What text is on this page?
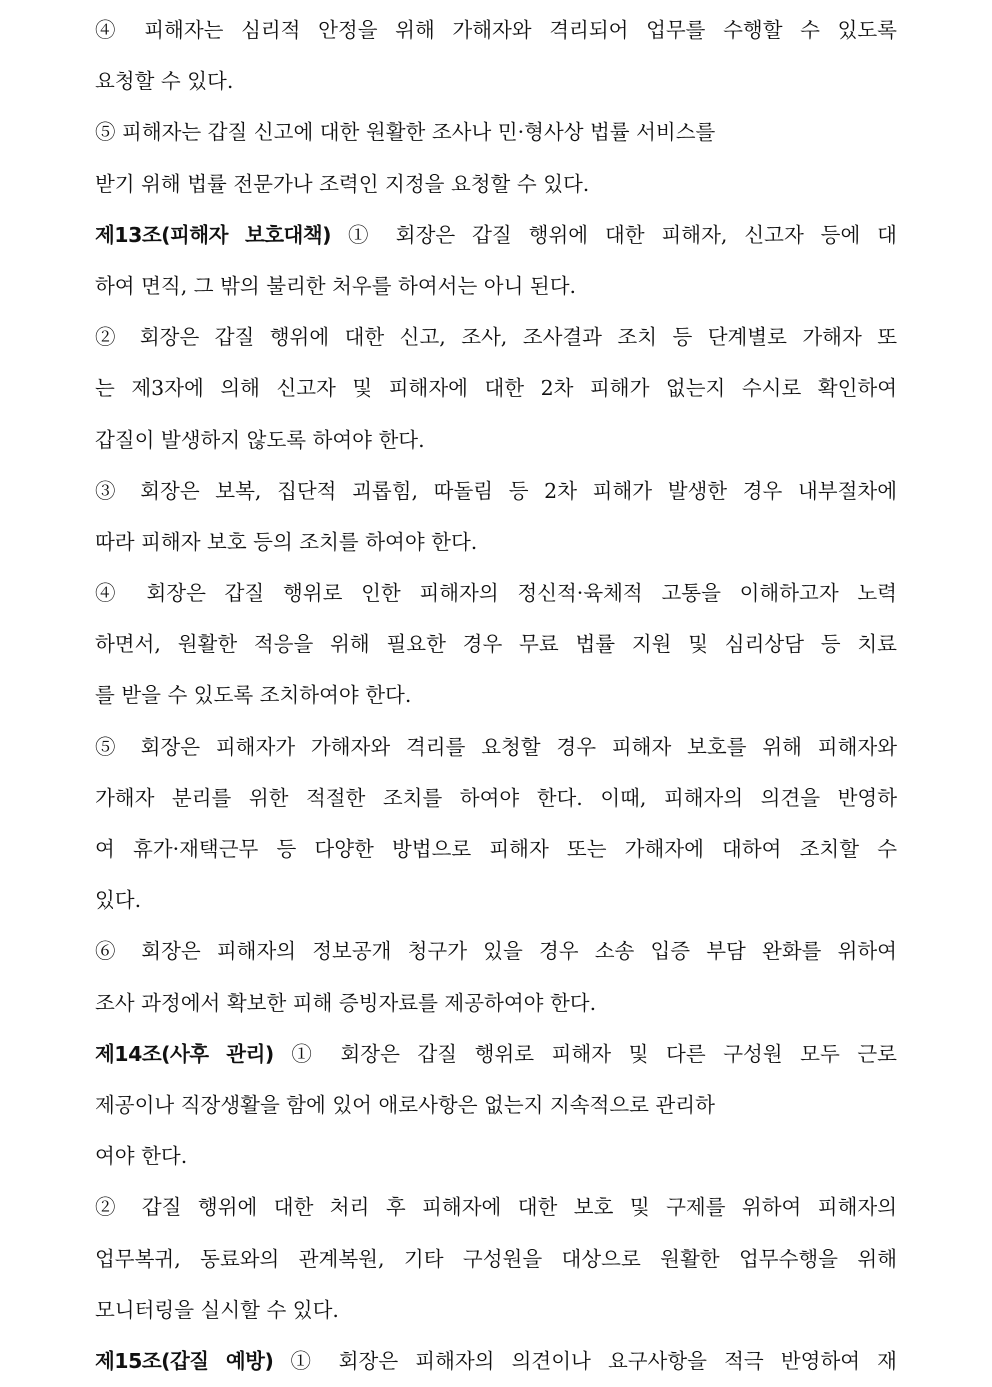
④ 피해자는 심리적 안정을 위해 가해자와 격리되어 업무를 수행할 수 있도록
요청할 수 있다.
⑤ 피해자는 갑질 신고에 대한 원활한 조사나 민·형사상 법률 서비스를
받기 위해 법률 전문가나 조력인 지정을 요청할 수 있다.
제13조(피해자 보호대책) ① 회장은 갑질 행위에 대한 피해자, 신고자 등에 대
하여 면직, 그 밖의 불리한 처우를 하여서는 아니 된다.
② 회장은 갑질 행위에 대한 신고, 조사, 조사결과 조치 등 단계별로 가해자 또
는 제3자에 의해 신고자 및 피해자에 대한 2차 피해가 없는지 수시로 확인하여
갑질이 발생하지 않도록 하여야 한다.
③ 회장은 보복, 집단적 괴롭힘, 따돌림 등 2차 피해가 발생한 경우 내부절차에
따라 피해자 보호 등의 조치를 하여야 한다.
④ 회장은 갑질 행위로 인한 피해자의 정신적·육체적 고통을 이해하고자 노력
하면서, 원활한 적응을 위해 필요한 경우 무료 법률 지원 및 심리상담 등 치료
를 받을 수 있도록 조치하여야 한다.
⑤ 회장은 피해자가 가해자와 격리를 요청할 경우 피해자 보호를 위해 피해자와
가해자 분리를 위한 적절한 조치를 하여야 한다. 이때, 피해자의 의견을 반영하
여 휴가·재택근무 등 다양한 방법으로 피해자 또는 가해자에 대하여 조치할 수
있다.
⑥ 회장은 피해자의 정보공개 청구가 있을 경우 소송 입증 부담 완화를 위하여
조사 과정에서 확보한 피해 증빙자료를 제공하여야 한다.
제14조(사후 관리) ① 회장은 갑질 행위로 피해자 및 다른 구성원 모두 근로
제공이나 직장생활을 함에 있어 애로사항은 없는지 지속적으로 관리하
여야 한다.
② 갑질 행위에 대한 처리 후 피해자에 대한 보호 및 구제를 위하여 피해자의
업무복귀, 동료와의 관계복원, 기타 구성원을 대상으로 원활한 업무수행을 위해
모니터링을 실시할 수 있다.
제15조(갑질 예방) ① 회장은 피해자의 의견이나 요구사항을 적극 반영하여 재
